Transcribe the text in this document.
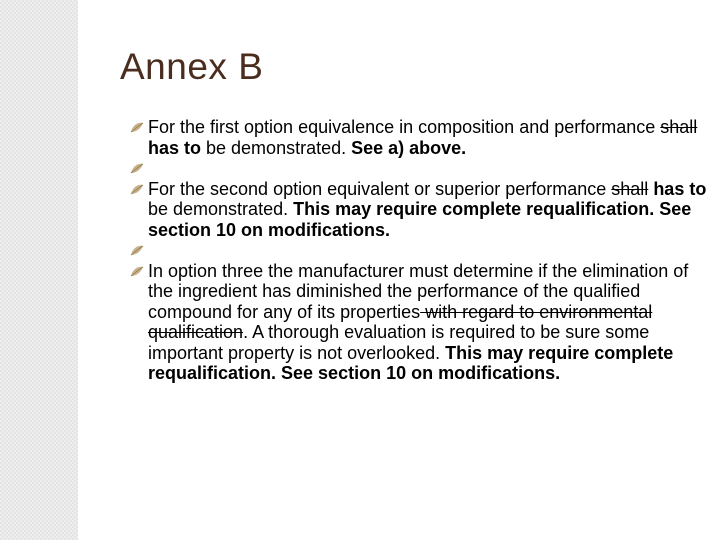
Annex B
For the first option equivalence in composition and performance shall has to be demonstrated. See a) above.

For the second option equivalent or superior performance shall has to be demonstrated. This may require complete requalification. See section 10 on modifications.

In option three the manufacturer must determine if the elimination of the ingredient has diminished the performance of the qualified compound for any of its properties with regard to environmental qualification. A thorough evaluation is required to be sure some important property is not overlooked. This may require complete requalification. See section 10 on modifications.
